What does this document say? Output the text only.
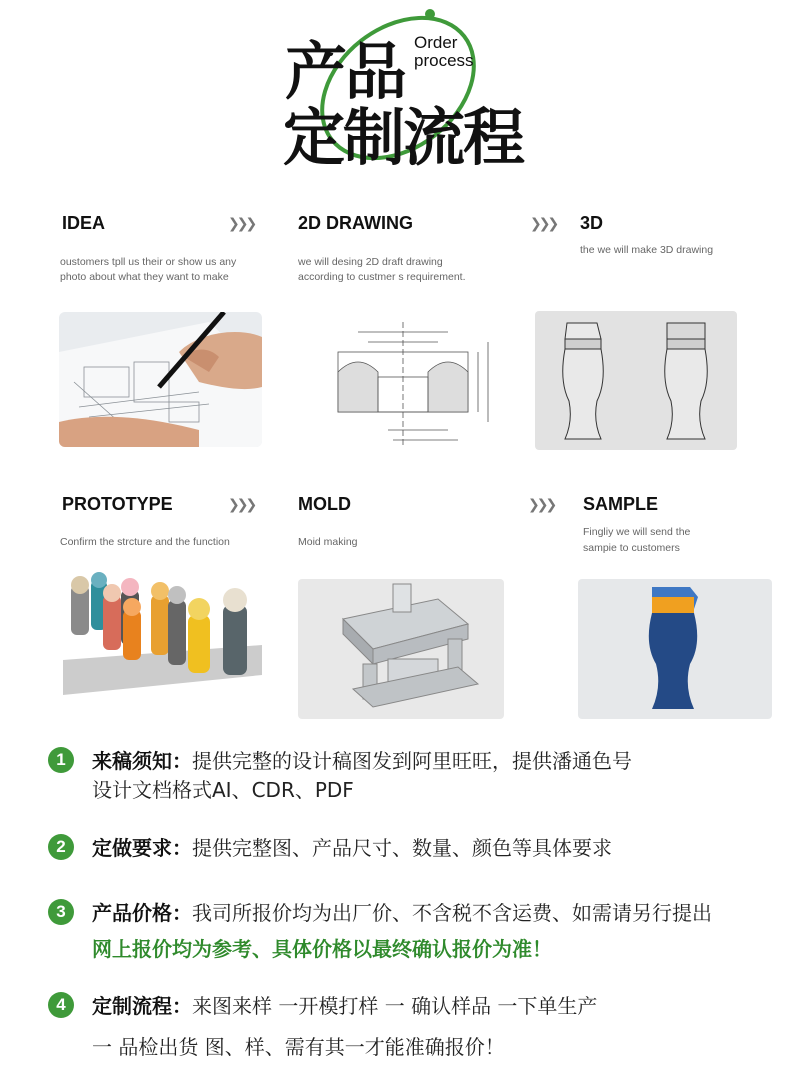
产品
定制流程
Order
process
IDEA	❯❯❯
oustomers tpll us their or show us any
photo about what they want to make
2D DRAWING	❯❯❯
we will desing 2D draft drawing
according to custmer s requirement.
3D
the we will make 3D drawing
PROTOTYPE	❯❯❯
Confirm the strcture and the function
MOLD	❯❯❯
Moid making
SAMPLE
Fingliy we will send the
sampie to customers
1	来稿须知：提供完整的设计稿图发到阿里旺旺，提供潘通色号
设计文档格式AI、CDR、PDF
2	定做要求：提供完整图、产品尺寸、数量、颜色等具体要求
3	产品价格：我司所报价均为出厂价、不含税不含运费、如需请另行提出
网上报价均为参考、具体价格以最终确认报价为准！
4	定制流程：来图来样 一开模打样 一 确认样品 一下单生产
一 品检出货 图、样、需有其一才能准确报价！
